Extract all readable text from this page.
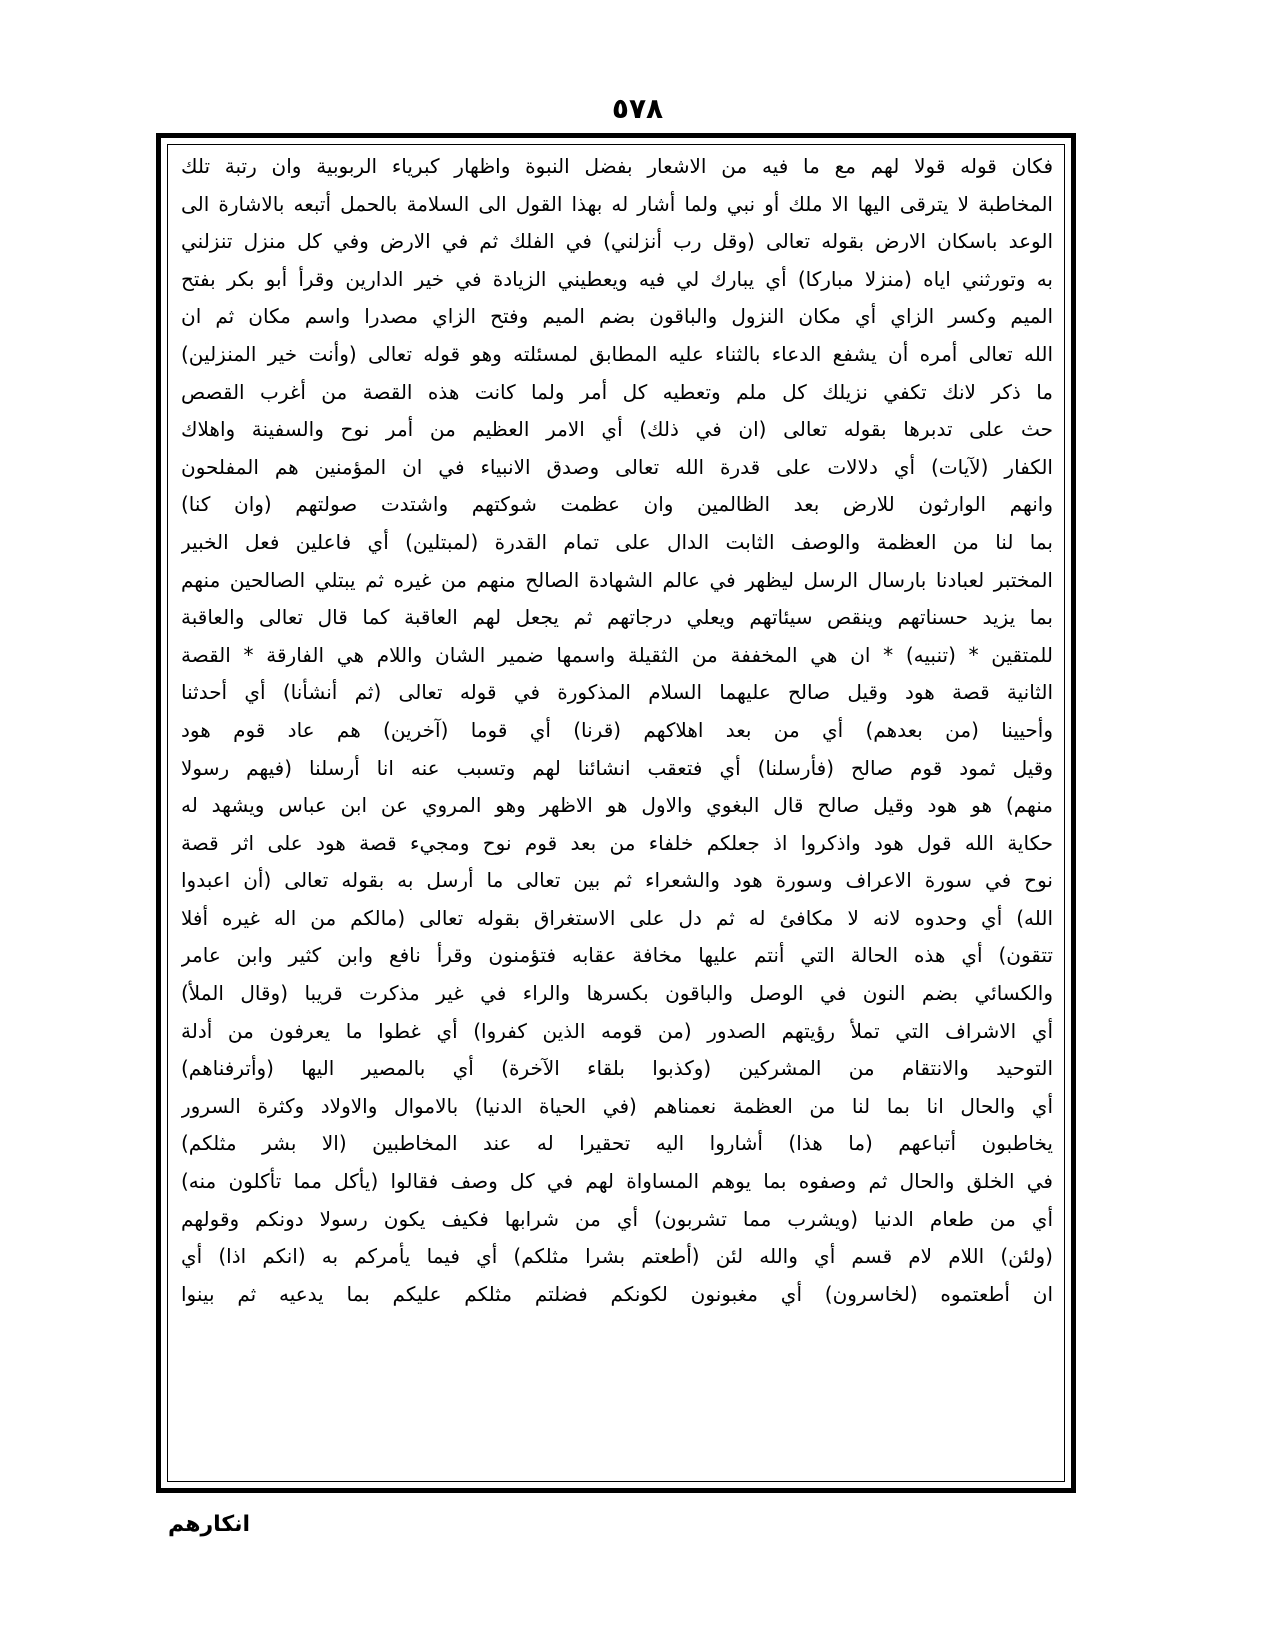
٥٧٨
فكان قوله قولا لهم مع ما فيه من الاشعار بفضل النبوة واظهار كبرياء الربوبية وان رتبة تلك
المخاطبة لا يترقى اليها الا ملك أو نبي ولما أشار له بهذا القول الى السلامة بالحمل أتبعه بالاشارة الى
الوعد باسكان الارض بقوله تعالى (وقل رب أنزلني) في الفلك ثم في الارض وفي كل منزل تنزلني
به وتورثني اياه (منزلا مباركا) أي يبارك لي فيه ويعطيني الزيادة في خير الدارين وقرأ أبو بكر بفتح
الميم وكسر الزاي أي مكان النزول والباقون بضم الميم وفتح الزاي مصدرا واسم مكان ثم ان
الله تعالى أمره أن يشفع الدعاء بالثناء عليه المطابق لمسئلته وهو قوله تعالى (وأنت خير المنزلين)
ما ذكر لانك تكفي نزيلك كل ملم وتعطيه كل أمر ولما كانت هذه القصة من أغرب القصص
حث على تدبرها بقوله تعالى (ان في ذلك) أي الامر العظيم من أمر نوح والسفينة واهلاك
الكفار (لآيات) أي دلالات على قدرة الله تعالى وصدق الانبياء في ان المؤمنين هم المفلحون
وانهم الوارثون للارض بعد الظالمين وان عظمت شوكتهم واشتدت صولتهم (وان كنا)
بما لنا من العظمة والوصف الثابت الدال على تمام القدرة (لمبتلين) أي فاعلين فعل الخبير
المختبر لعبادنا بارسال الرسل ليظهر في عالم الشهادة الصالح منهم من غيره ثم يبتلي الصالحين منهم
بما يزيد حسناتهم وينقص سيئاتهم ويعلي درجاتهم ثم يجعل لهم العاقبة كما قال تعالى والعاقبة
للمتقين * (تنبيه) * ان هي المخففة من الثقيلة واسمها ضمير الشان واللام هي الفارقة * القصة
الثانية قصة هود وقيل صالح عليهما السلام المذكورة في قوله تعالى (ثم أنشأنا) أي أحدثنا
وأحيينا (من بعدهم) أي من بعد اهلاكهم (قرنا) أي قوما (آخرين) هم عاد قوم هود
وقيل ثمود قوم صالح (فأرسلنا) أي فتعقب انشائنا لهم وتسبب عنه انا أرسلنا (فيهم رسولا
منهم) هو هود وقيل صالح قال البغوي والاول هو الاظهر وهو المروي عن ابن عباس ويشهد له
حكاية الله قول هود واذكروا اذ جعلكم خلفاء من بعد قوم نوح ومجيء قصة هود على اثر قصة
نوح في سورة الاعراف وسورة هود والشعراء ثم بين تعالى ما أرسل به بقوله تعالى (أن اعبدوا
الله) أي وحدوه لانه لا مكافئ له ثم دل على الاستغراق بقوله تعالى (مالكم من اله غيره أفلا
تتقون) أي هذه الحالة التي أنتم عليها مخافة عقابه فتؤمنون وقرأ نافع وابن كثير وابن عامر
والكسائي بضم النون في الوصل والباقون بكسرها والراء في غير مذكرت قريبا (وقال الملأ)
أي الاشراف التي تملأ رؤيتهم الصدور (من قومه الذين كفروا) أي غطوا ما يعرفون من أدلة
التوحيد والانتقام من المشركين (وكذبوا بلقاء الآخرة) أي بالمصير اليها (وأترفناهم)
أي والحال انا بما لنا من العظمة نعمناهم (في الحياة الدنيا) بالاموال والاولاد وكثرة السرور
يخاطبون أتباعهم (ما هذا) أشاروا اليه تحقيرا له عند المخاطبين (الا بشر مثلكم)
في الخلق والحال ثم وصفوه بما يوهم المساواة لهم في كل وصف فقالوا (يأكل مما تأكلون منه)
أي من طعام الدنيا (ويشرب مما تشربون) أي من شرابها فكيف يكون رسولا دونكم وقولهم
(ولئن) اللام لام قسم أي والله لئن (أطعتم بشرا مثلكم) أي فيما يأمركم به (انكم اذا) أي
ان أطعتموه (لخاسرون) أي مغبونون لكونكم فضلتم مثلكم عليكم بما يدعيه ثم بينوا
انكارهم
